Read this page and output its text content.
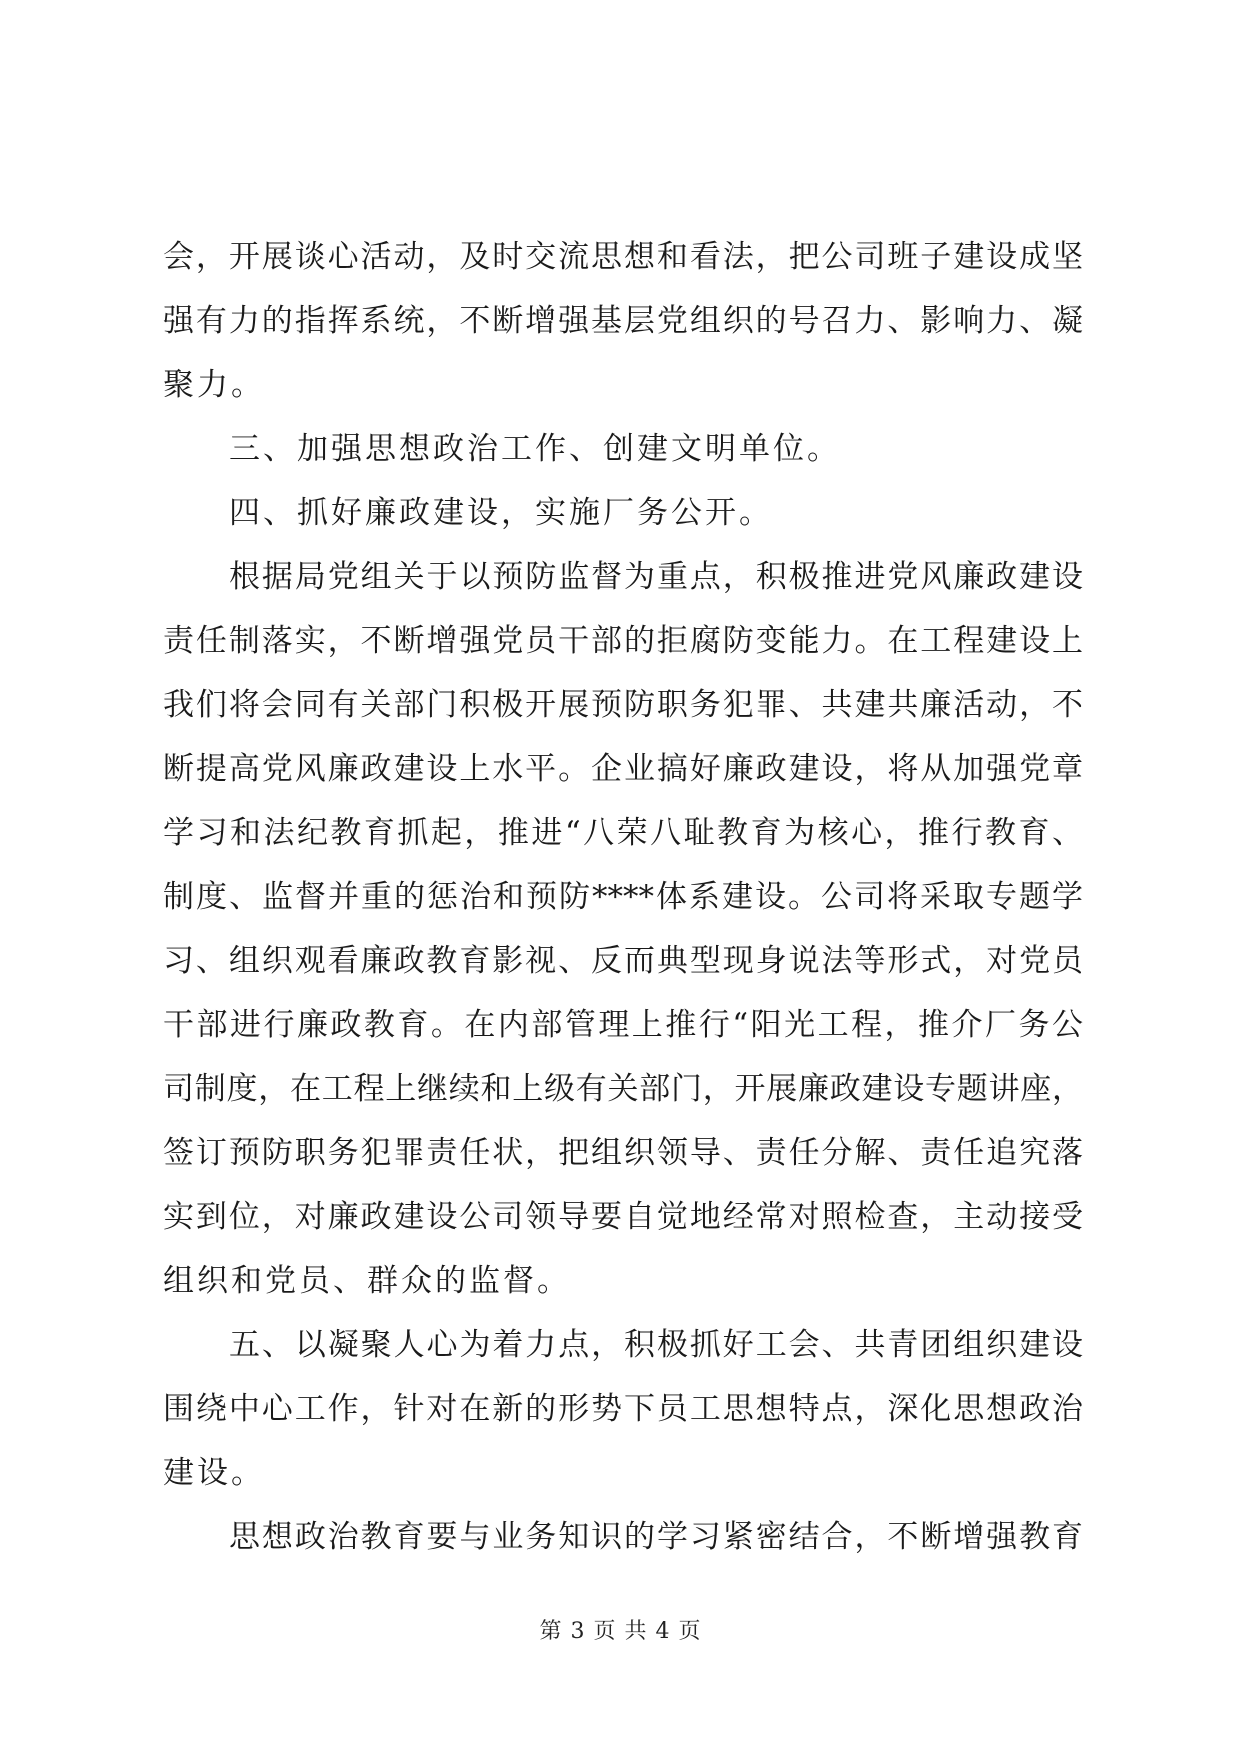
会，开展谈心活动，及时交流思想和看法，把公司班子建设成坚
强有力的指挥系统，不断增强基层党组织的号召力、影响力、凝
聚力。
三、加强思想政治工作、创建文明单位。
四、抓好廉政建设，实施厂务公开。
根据局党组关于以预防监督为重点，积极推进党风廉政建设
责任制落实，不断增强党员干部的拒腐防变能力。在工程建设上
我们将会同有关部门积极开展预防职务犯罪、共建共廉活动，不
断提高党风廉政建设上水平。企业搞好廉政建设，将从加强党章
学习和法纪教育抓起，推进“八荣八耻教育为核心，推行教育、
制度、监督并重的惩治和预防****体系建设。公司将采取专题学
习、组织观看廉政教育影视、反而典型现身说法等形式，对党员
干部进行廉政教育。在内部管理上推行“阳光工程，推介厂务公
司制度，在工程上继续和上级有关部门，开展廉政建设专题讲座，
签订预防职务犯罪责任状，把组织领导、责任分解、责任追究落
实到位，对廉政建设公司领导要自觉地经常对照检查，主动接受
组织和党员、群众的监督。
五、以凝聚人心为着力点，积极抓好工会、共青团组织建设
围绕中心工作，针对在新的形势下员工思想特点，深化思想政治
建设。
思想政治教育要与业务知识的学习紧密结合，不断增强教育
第 3 页 共 4 页
